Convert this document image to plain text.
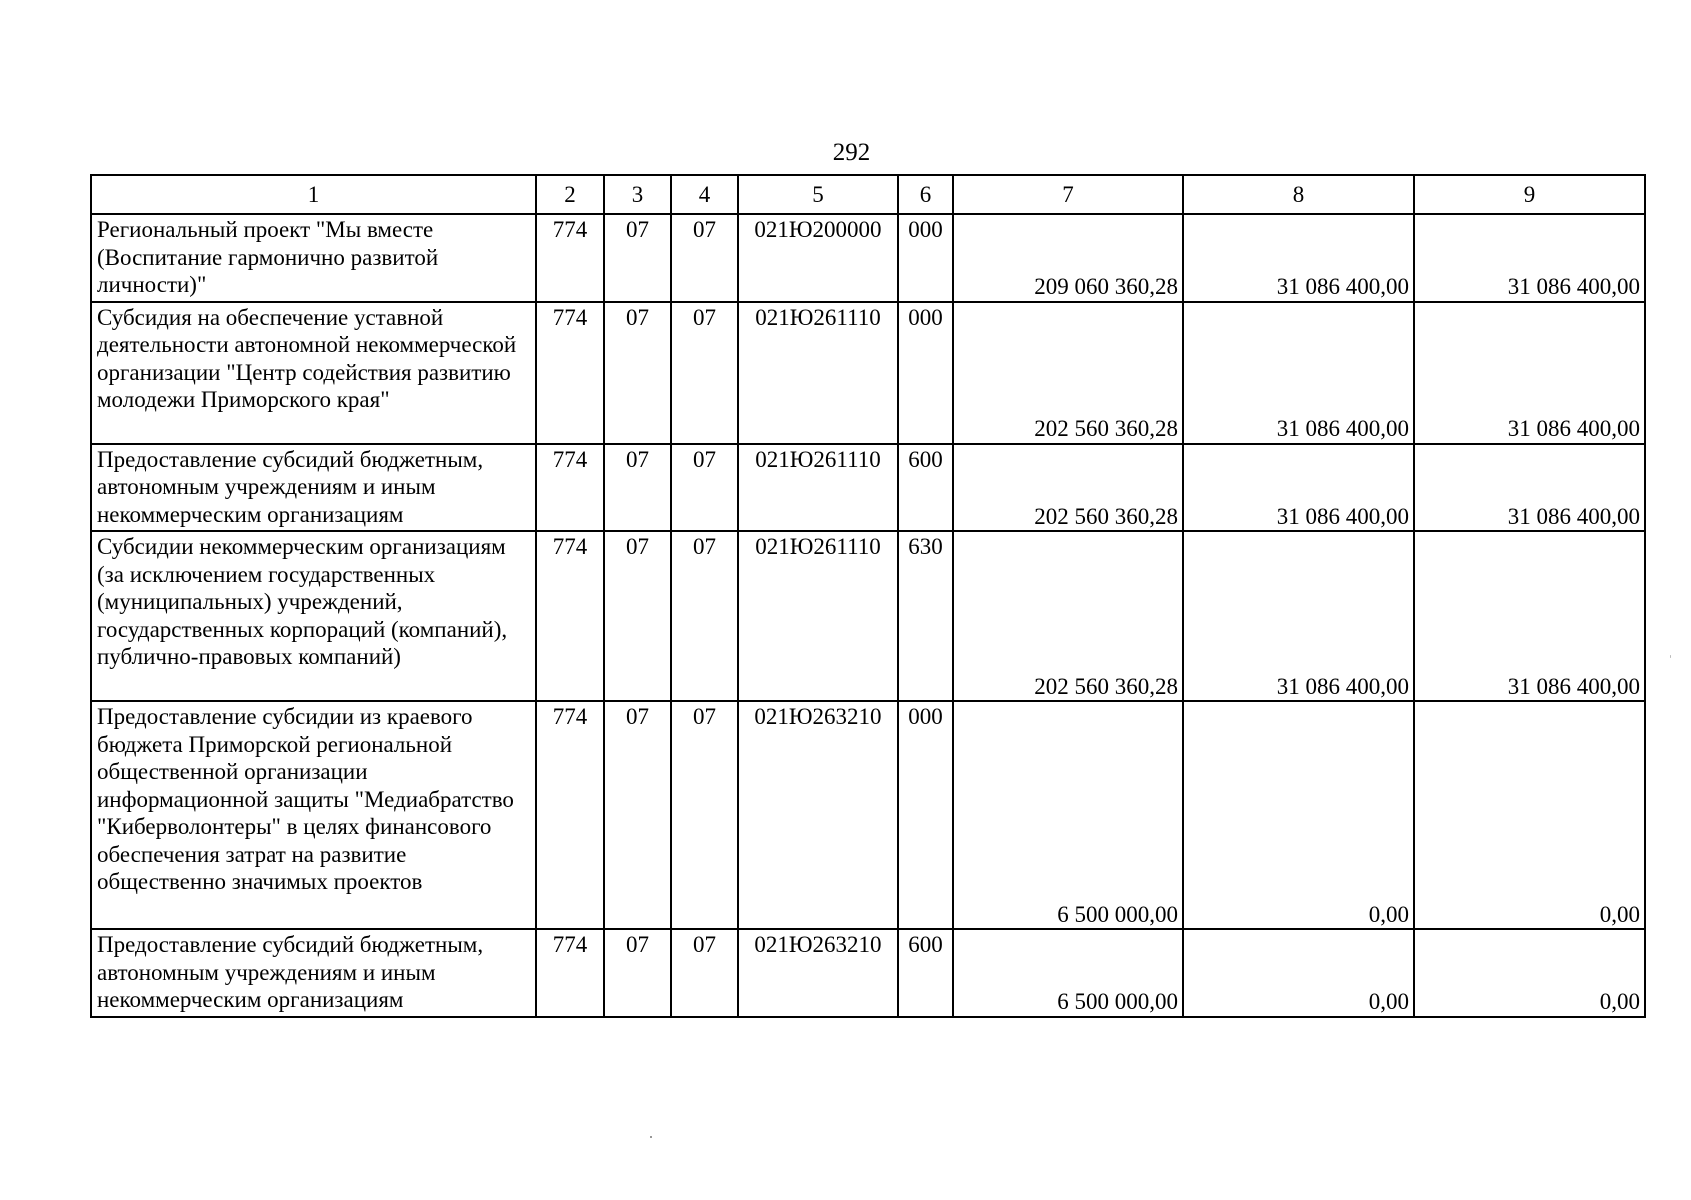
292
1	2	3	4	5	6	7	8	9
Региональный проект "Мы вместе (Воспитание гармонично развитой личности)"	774	07	07	021Ю200000	000	209 060 360,28	31 086 400,00	31 086 400,00
Субсидия на обеспечение уставной деятельности автономной некоммерческой организации "Центр содействия развитию молодежи Приморского края"	774	07	07	021Ю261110	000	202 560 360,28	31 086 400,00	31 086 400,00
Предоставление субсидий бюджетным, автономным учреждениям и иным некоммерческим организациям	774	07	07	021Ю261110	600	202 560 360,28	31 086 400,00	31 086 400,00
Субсидии некоммерческим организациям (за исключением государственных (муниципальных) учреждений, государственных корпораций (компаний), публично-правовых компаний)	774	07	07	021Ю261110	630	202 560 360,28	31 086 400,00	31 086 400,00
Предоставление субсидии из краевого бюджета Приморской региональной общественной организации информационной защиты "Медиабратство "Киберволонтеры" в целях финансового обеспечения затрат на развитие общественно значимых проектов	774	07	07	021Ю263210	000	6 500 000,00	0,00	0,00
Предоставление субсидий бюджетным, автономным учреждениям и иным некоммерческим организациям	774	07	07	021Ю263210	600	6 500 000,00	0,00	0,00
